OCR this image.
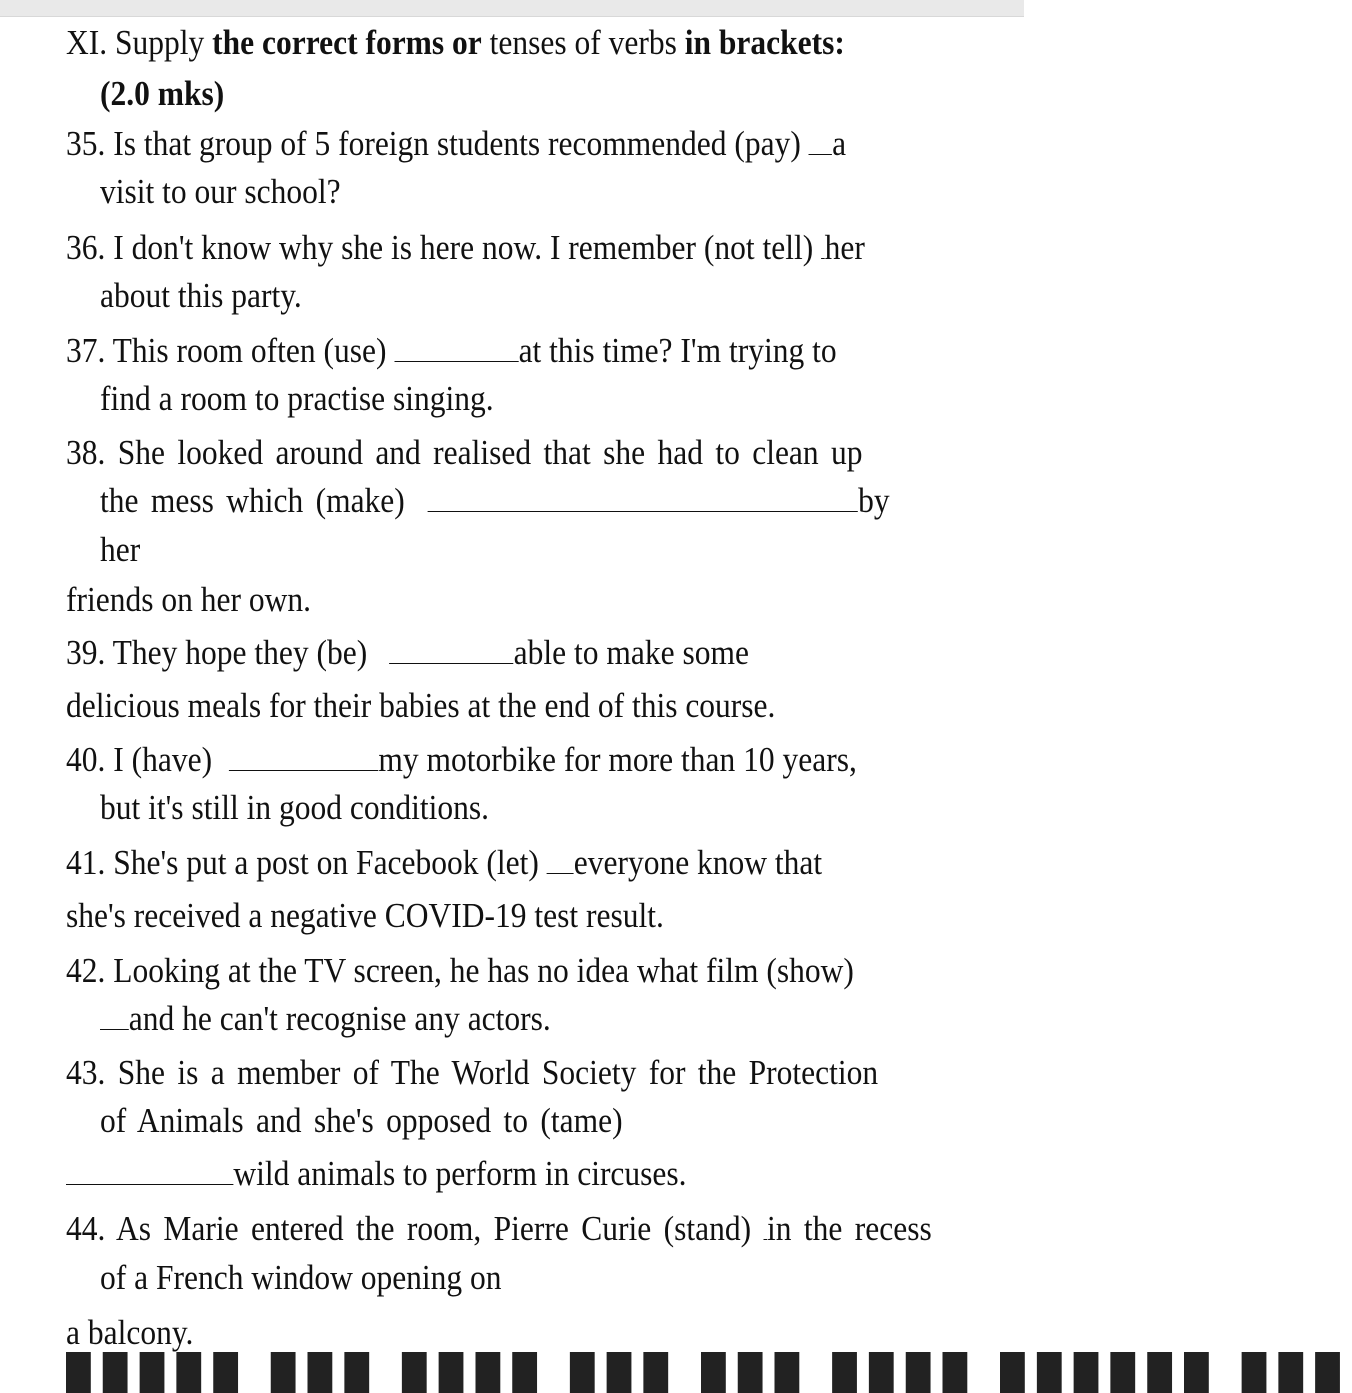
XI. Supply the correct forms or tenses of verbs in brackets:
(2.0 mks)
35. Is that group of 5 foreign students recommended (pay) a
visit to our school?
36. I don't know why she is here now. I remember (not tell) her
about this party.
37. This room often (use)	at this time? I'm trying to
find a room to practise singing.
38. She looked around and realised that she had to clean up
the mess which (make)	by
her
friends on her own.
39. They hope they (be)	able to make some
delicious meals for their babies at the end of this course.
40. I (have)	my motorbike for more than 10 years,
but it's still in good conditions.
41. She's put a post on Facebook (let) everyone know that
she's received a negative COVID-19 test result.
42. Looking at the TV screen, he has no idea what film (show)
and he can't recognise any actors.
43. She is a member of The World Society for the Protection
of Animals and she's opposed to (tame)
wild animals to perform in circuses.
44. As Marie entered the room, Pierre Curie (stand) in the recess
of a French window opening on
a balcony.
█████ ███ ████ ███ ███ ████ ██████ ███
